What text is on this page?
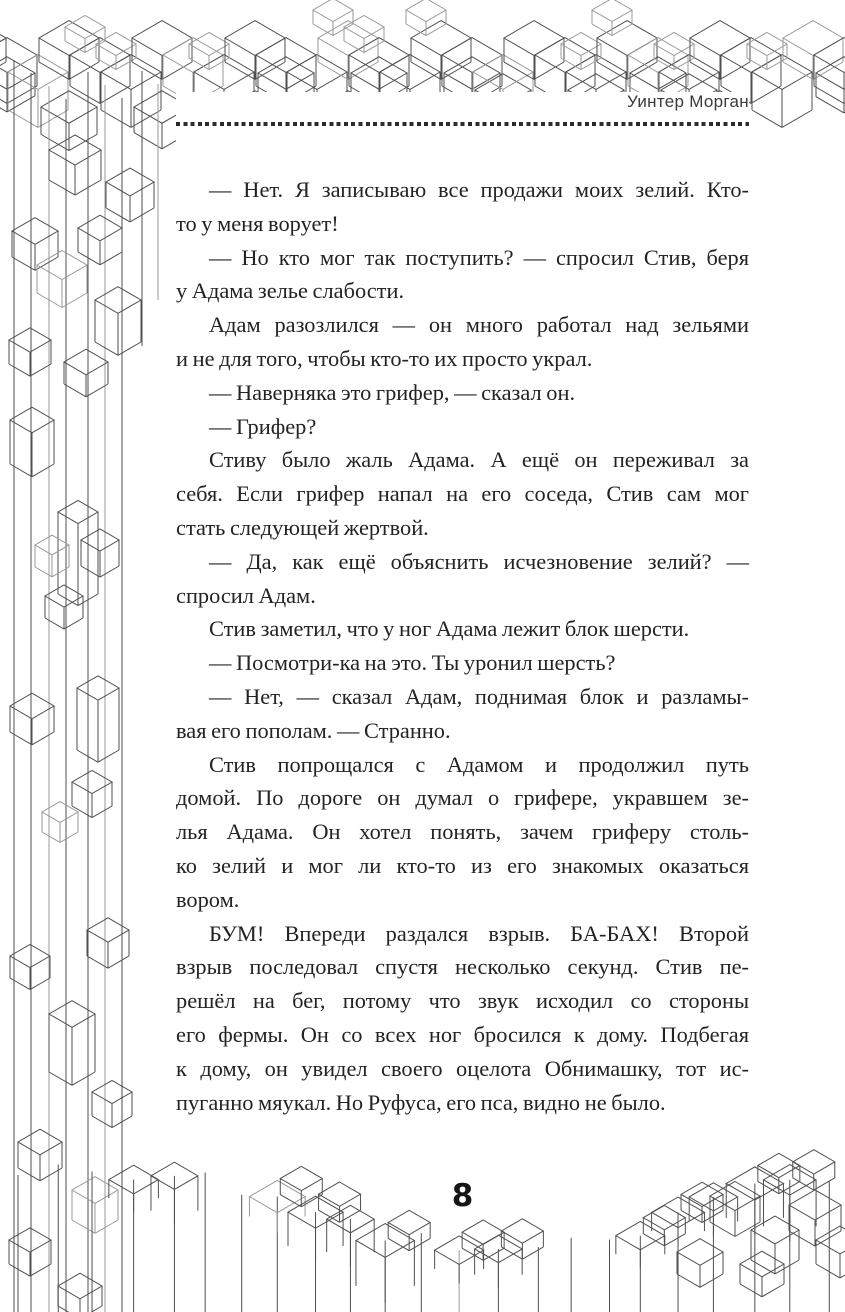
Уинтер Морган
— Нет. Я записываю все продажи моих зелий. Кто-
то у меня ворует!
— Но кто мог так поступить? — спросил Стив, беря
у Адама зелье слабости.
Адам разозлился — он много работал над зельями
и не для того, чтобы кто-то их просто украл.
— Наверняка это грифер, — сказал он.
— Грифер?
Стиву было жаль Адама. А ещё он переживал за
себя. Если грифер напал на его соседа, Стив сам мог
стать следующей жертвой.
— Да, как ещё объяснить исчезновение зелий? —
спросил Адам.
Стив заметил, что у ног Адама лежит блок шерсти.
— Посмотри-ка на это. Ты уронил шерсть?
— Нет, — сказал Адам, поднимая блок и разламы-
вая его пополам. — Странно.
Стив попрощался с Адамом и продолжил путь
домой. По дороге он думал о грифере, укравшем зе-
лья Адама. Он хотел понять, зачем гриферу столь-
ко зелий и мог ли кто-то из его знакомых оказаться
вором.
БУМ! Впереди раздался взрыв. БА-БАХ! Второй
взрыв последовал спустя несколько секунд. Стив пе-
решёл на бег, потому что звук исходил со стороны
его фермы. Он со всех ног бросился к дому. Подбегая
к дому, он увидел своего оцелота Обнимашку, тот ис-
пуганно мяукал. Но Руфуса, его пса, видно не было.
8
